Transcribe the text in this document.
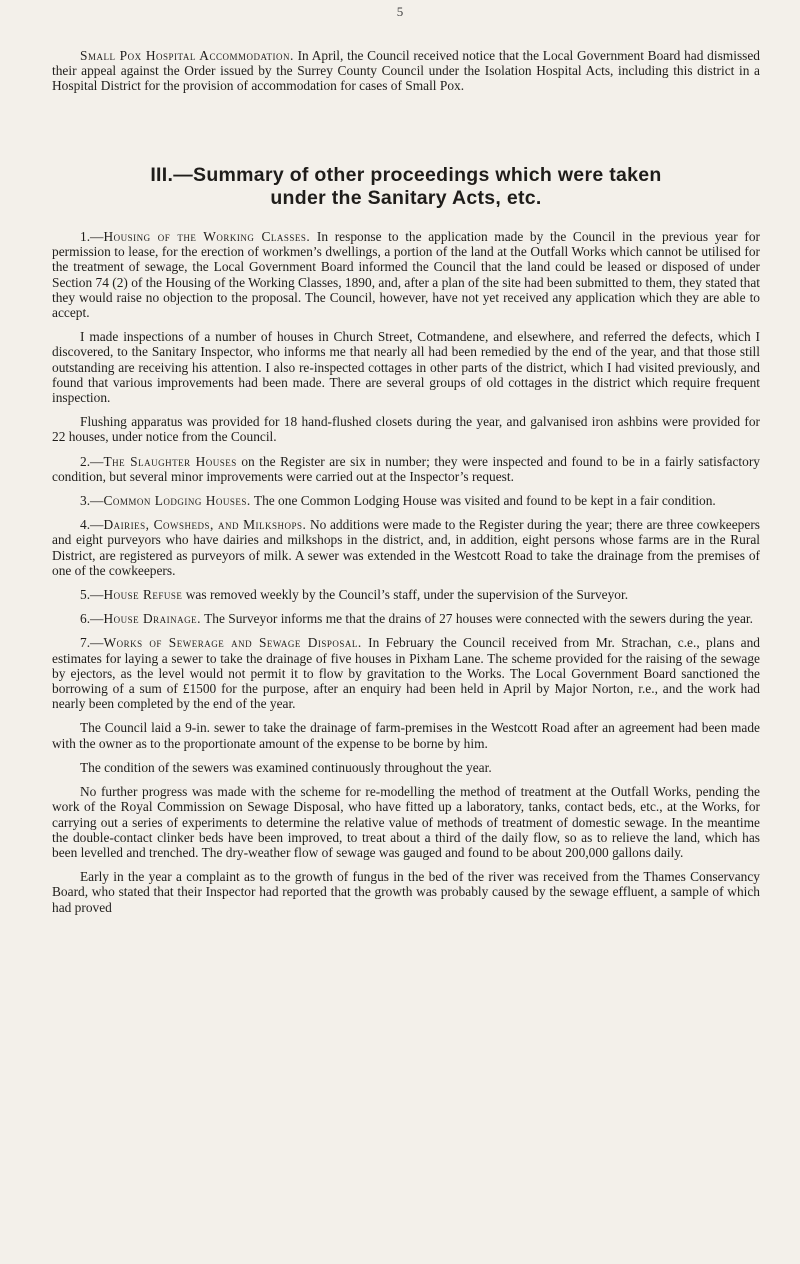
5

Small Pox Hospital Accommodation. In April, the Council received notice that the Local Government Board had dismissed their appeal against the Order issued by the Surrey County Council under the Isolation Hospital Acts, including this district in a Hospital District for the provision of accommodation for cases of Small Pox.

III.—Summary of other proceedings which were taken
under the Sanitary Acts, etc.

1.—Housing of the Working Classes. In response to the application made by the Council in the previous year for permission to lease, for the erection of workmen’s dwellings, a portion of the land at the Outfall Works which cannot be utilised for the treatment of sewage, the Local Government Board informed the Council that the land could be leased or disposed of under Section 74 (2) of the Housing of the Working Classes, 1890, and, after a plan of the site had been submitted to them, they stated that they would raise no objection to the proposal. The Council, however, have not yet received any application which they are able to accept.

I made inspections of a number of houses in Church Street, Cotmandene, and elsewhere, and referred the defects, which I discovered, to the Sanitary Inspector, who informs me that nearly all had been remedied by the end of the year, and that those still outstanding are receiving his attention. I also re-inspected cottages in other parts of the district, which I had visited previously, and found that various improvements had been made. There are several groups of old cottages in the district which require frequent inspection.

Flushing apparatus was provided for 18 hand-flushed closets during the year, and galvanised iron ashbins were provided for 22 houses, under notice from the Council.

2.—The Slaughter Houses on the Register are six in number; they were inspected and found to be in a fairly satisfactory condition, but several minor improvements were carried out at the Inspector’s request.

3.—Common Lodging Houses. The one Common Lodging House was visited and found to be kept in a fair condition.

4.—Dairies, Cowsheds, and Milkshops. No additions were made to the Register during the year; there are three cowkeepers and eight purveyors who have dairies and milkshops in the district, and, in addition, eight persons whose farms are in the Rural District, are registered as purveyors of milk. A sewer was extended in the Westcott Road to take the drainage from the premises of one of the cowkeepers.

5.—House Refuse was removed weekly by the Council’s staff, under the supervision of the Surveyor.

6.—House Drainage. The Surveyor informs me that the drains of 27 houses were connected with the sewers during the year.

7.—Works of Sewerage and Sewage Disposal. In February the Council received from Mr. Strachan, c.e., plans and estimates for laying a sewer to take the drainage of five houses in Pixham Lane. The scheme provided for the raising of the sewage by ejectors, as the level would not permit it to flow by gravitation to the Works. The Local Government Board sanctioned the borrowing of a sum of £1500 for the purpose, after an enquiry had been held in April by Major Norton, r.e., and the work had nearly been completed by the end of the year.

The Council laid a 9-in. sewer to take the drainage of farm-premises in the Westcott Road after an agreement had been made with the owner as to the proportionate amount of the expense to be borne by him.

The condition of the sewers was examined continuously throughout the year.

No further progress was made with the scheme for re-modelling the method of treatment at the Outfall Works, pending the work of the Royal Commission on Sewage Disposal, who have fitted up a laboratory, tanks, contact beds, etc., at the Works, for carrying out a series of experiments to determine the relative value of methods of treatment of domestic sewage. In the meantime the double-contact clinker beds have been improved, to treat about a third of the daily flow, so as to relieve the land, which has been levelled and trenched. The dry-weather flow of sewage was gauged and found to be about 200,000 gallons daily.

Early in the year a complaint as to the growth of fungus in the bed of the river was received from the Thames Conservancy Board, who stated that their Inspector had reported that the growth was probably caused by the sewage effluent, a sample of which had proved
